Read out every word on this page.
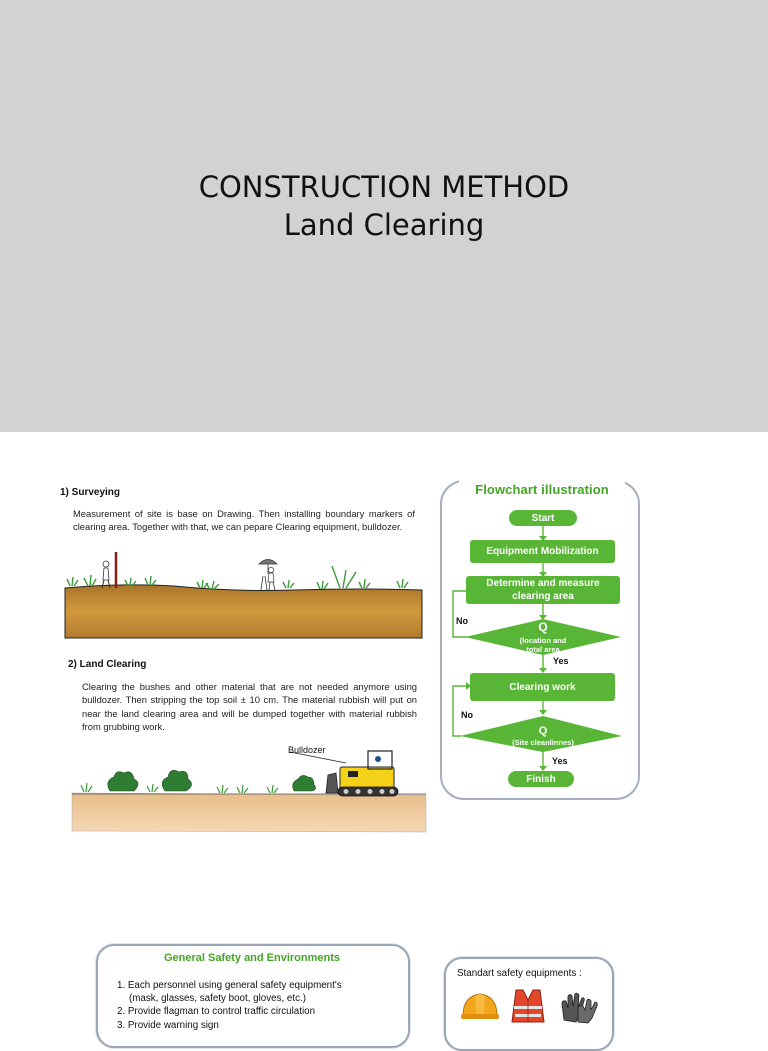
CONSTRUCTION METHOD
Land Clearing
1) Surveying
Measurement of site is base on Drawing. Then installing boundary markers of clearing area. Together with that, we can pepare Clearing equipment, bulldozer.
2) Land Clearing
Clearing the bushes and other material that are not needed anymore using bulldozer. Then stripping the top soil ± 10 cm. The material rubbish will put on near the land clearing area and will be dumped together with material rubbish from grubbing work.
Bulldozer
Flowchart illustration
Start
Equipment Mobilization
Determine and measure
clearing area
Q
(location and
total area
No
Yes
Clearing work
Q
(Site cleanlinnes)
No
Yes
Finish
General Safety and Environments
1. Each personnel using general safety equipment's
(mask, glasses, safety boot, gloves, etc.)
2. Provide flagman to control traffic circulation
3. Provide warning sign
Standart safety equipments :
